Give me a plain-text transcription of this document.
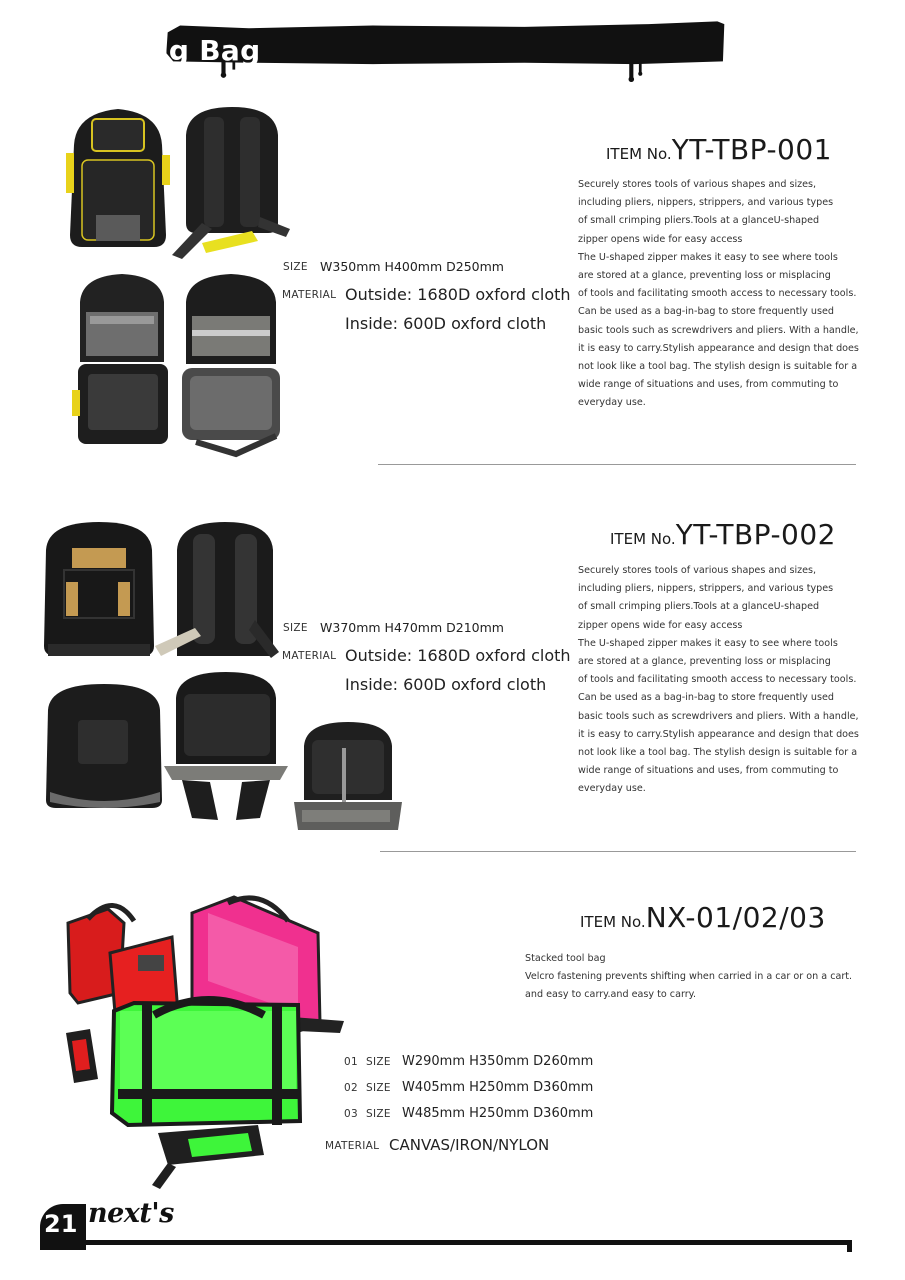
Working Bag
SIZE W350mm H400mm D250mm
MATERIAL Outside: 1680D oxford cloth
Inside: 600D oxford cloth
ITEM No.YT-TBP-001
Securely stores tools of various shapes and sizes,
including pliers, nippers, strippers, and various types
of small crimping pliers.Tools at a glanceU-shaped
zipper opens wide for easy access
The U-shaped zipper makes it easy to see where tools
are stored at a glance, preventing loss or misplacing
of tools and facilitating smooth access to necessary tools.
Can be used as a bag-in-bag to store frequently used
basic tools such as screwdrivers and pliers. With a handle,
it is easy to carry.Stylish appearance and design that does
not look like a tool bag. The stylish design is suitable for a
wide range of situations and uses, from commuting to
everyday use.
SIZE W370mm H470mm D210mm
MATERIAL Outside: 1680D oxford cloth
Inside: 600D oxford cloth
ITEM No.YT-TBP-002
Securely stores tools of various shapes and sizes,
including pliers, nippers, strippers, and various types
of small crimping pliers.Tools at a glanceU-shaped
zipper opens wide for easy access
The U-shaped zipper makes it easy to see where tools
are stored at a glance, preventing loss or misplacing
of tools and facilitating smooth access to necessary tools.
Can be used as a bag-in-bag to store frequently used
basic tools such as screwdrivers and pliers. With a handle,
it is easy to carry.Stylish appearance and design that does
not look like a tool bag. The stylish design is suitable for a
wide range of situations and uses, from commuting to
everyday use.
ITEM No.NX-01/02/03
Stacked tool bag
Velcro fastening prevents shifting when carried in a car or on a cart.
and easy to carry.and easy to carry.
01 SIZE W290mm H350mm D260mm
02 SIZE W405mm H250mm D360mm
03 SIZE W485mm H250mm D360mm
MATERIAL CANVAS/IRON/NYLON
21 next's
